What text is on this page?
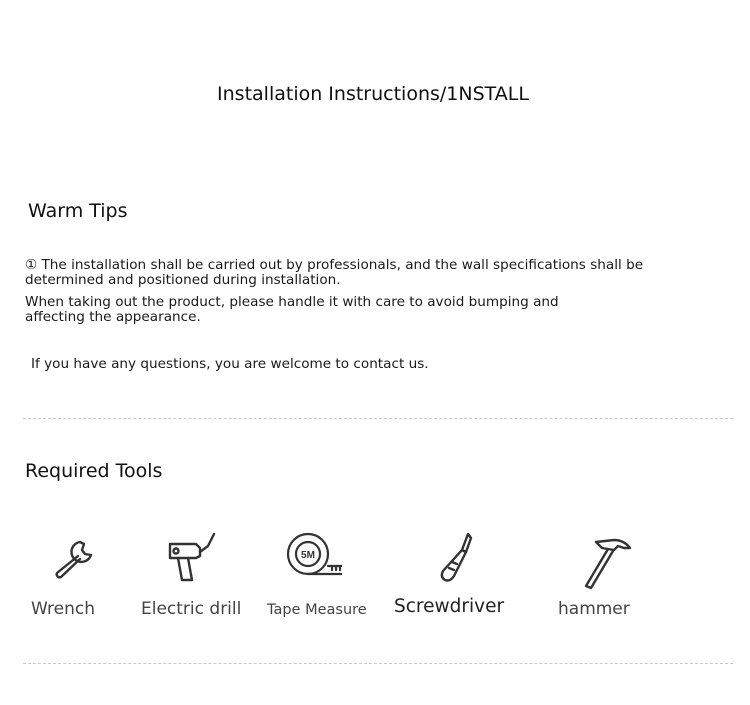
Installation Instructions/1NSTALL
Warm Tips
① The installation shall be carried out by professionals, and the wall specifications shall be determined and positioned during installation.
When taking out the product, please handle it with care to avoid bumping and affecting the appearance.
If you have any questions, you are welcome to contact us.
Required Tools
Wrench	Electric drill
5M
Tape Measure Screwdriver	hammer
